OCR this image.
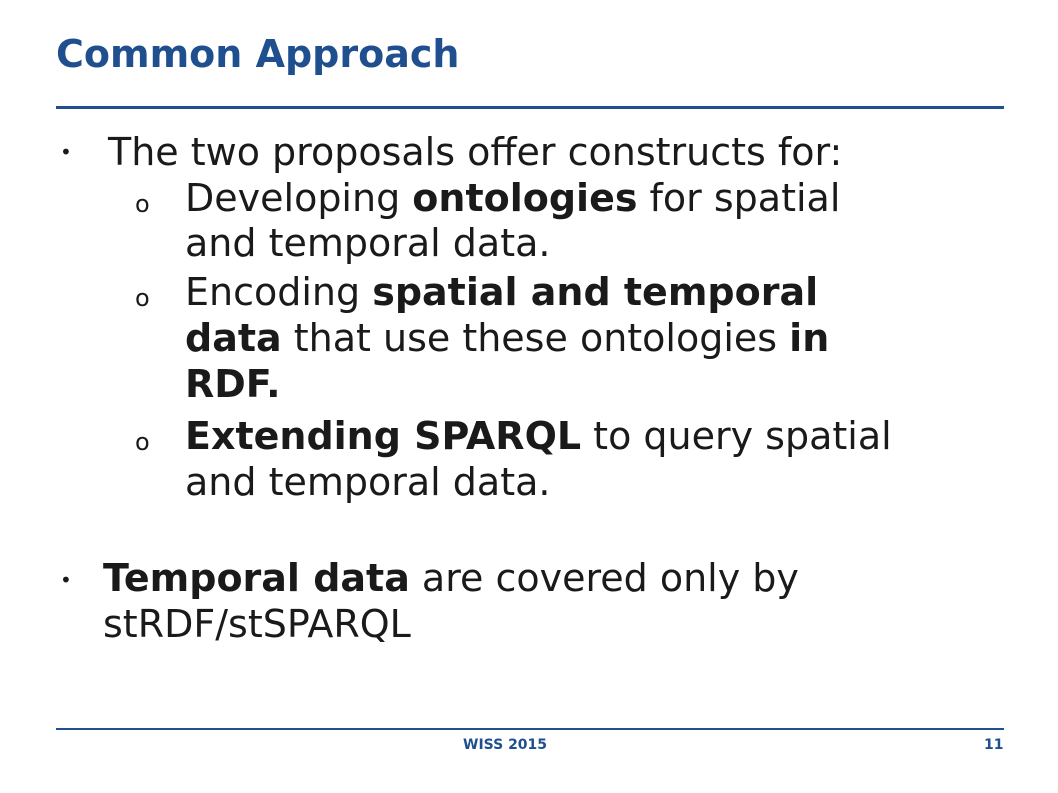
Common Approach
• The two proposals offer constructs for:
o Developing ontologies for spatial
and temporal data.
o Encoding spatial and temporal
data that use these ontologies in
RDF.
o Extending SPARQL to query spatial
and temporal data.
• Temporal data are covered only by
stRDF/stSPARQL
WISS 2015	11
